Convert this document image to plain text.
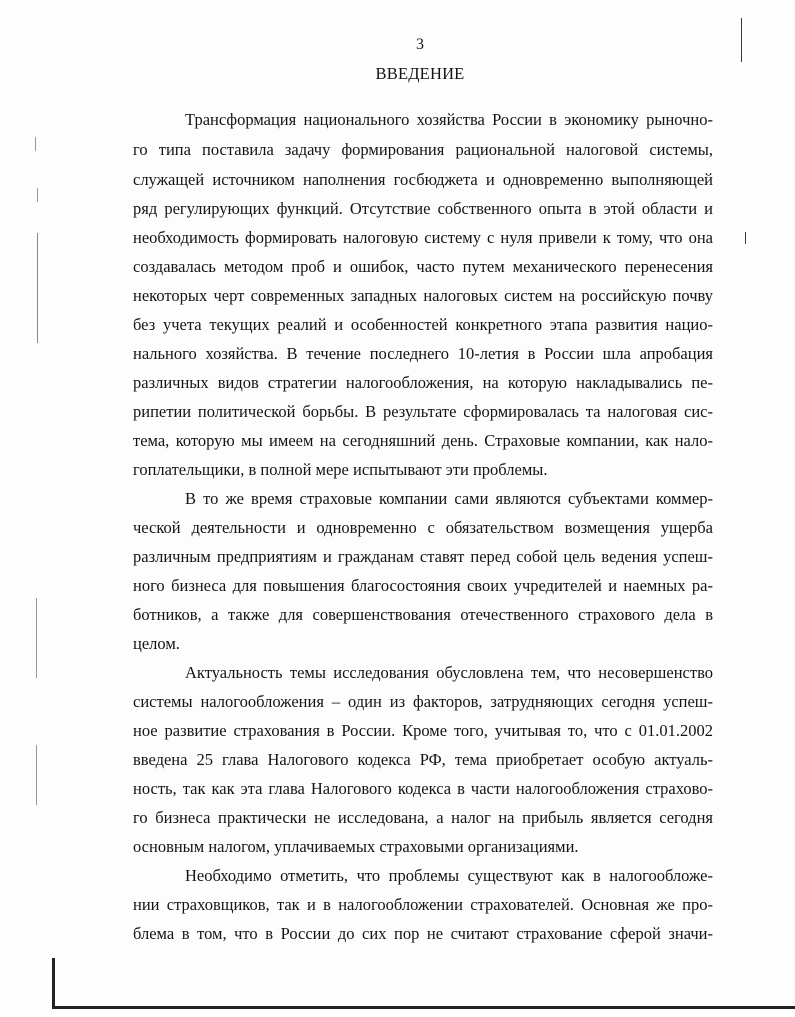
3
ВВЕДЕНИЕ
Трансформация национального хозяйства России в экономику рыночно-
го типа поставила задачу формирования рациональной налоговой системы,
служащей источником наполнения госбюджета и одновременно выполняющей
ряд регулирующих функций. Отсутствие собственного опыта в этой области и
необходимость формировать налоговую систему с нуля привели к тому, что она
создавалась методом проб и ошибок, часто путем механического перенесения
некоторых черт современных западных налоговых систем на российскую почву
без учета текущих реалий и особенностей конкретного этапа развития нацио-
нального хозяйства. В течение последнего 10-летия в России шла апробация
различных видов стратегии налогообложения, на которую накладывались пе-
рипетии политической борьбы. В результате сформировалась та налоговая сис-
тема, которую мы имеем на сегодняшний день. Страховые компании, как нало-
гоплательщики, в полной мере испытывают эти проблемы.
В то же время страховые компании сами являются субъектами коммер-
ческой деятельности и одновременно с обязательством возмещения ущерба
различным предприятиям и гражданам ставят перед собой цель ведения успеш-
ного бизнеса для повышения благосостояния своих учредителей и наемных ра-
ботников, а также для совершенствования отечественного страхового дела в
целом.
Актуальность темы исследования обусловлена тем, что несовершенство
системы налогообложения – один из факторов, затрудняющих сегодня успеш-
ное развитие страхования в России. Кроме того, учитывая то, что с 01.01.2002
введена 25 глава Налогового кодекса РФ, тема приобретает особую актуаль-
ность, так как эта глава Налогового кодекса в части налогообложения страхово-
го бизнеса практически не исследована, а налог на прибыль является сегодня
основным налогом, уплачиваемых страховыми организациями.
Необходимо отметить, что проблемы существуют как в налогообложе-
нии страховщиков, так и в налогообложении страхователей. Основная же про-
блема в том, что в России до сих пор не считают страхование сферой значи-
